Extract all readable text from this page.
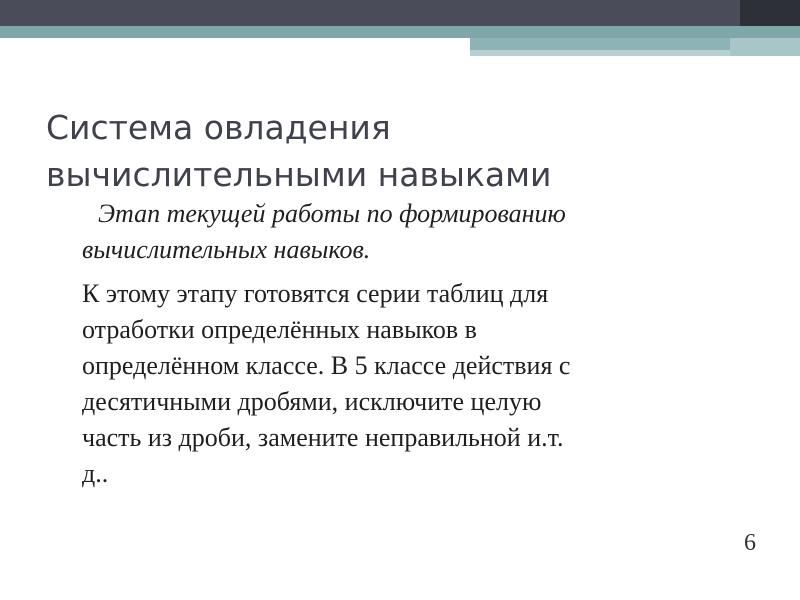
Система овладения
вычислительными навыками

Этап текущей работы по формированию
вычислительных навыков.

К этому этапу готовятся серии таблиц для
отработки определённых навыков в
определённом классе. В 5 классе действия с
десятичными дробями, исключите целую
часть из дроби, замените неправильной и.т.
д..

6
